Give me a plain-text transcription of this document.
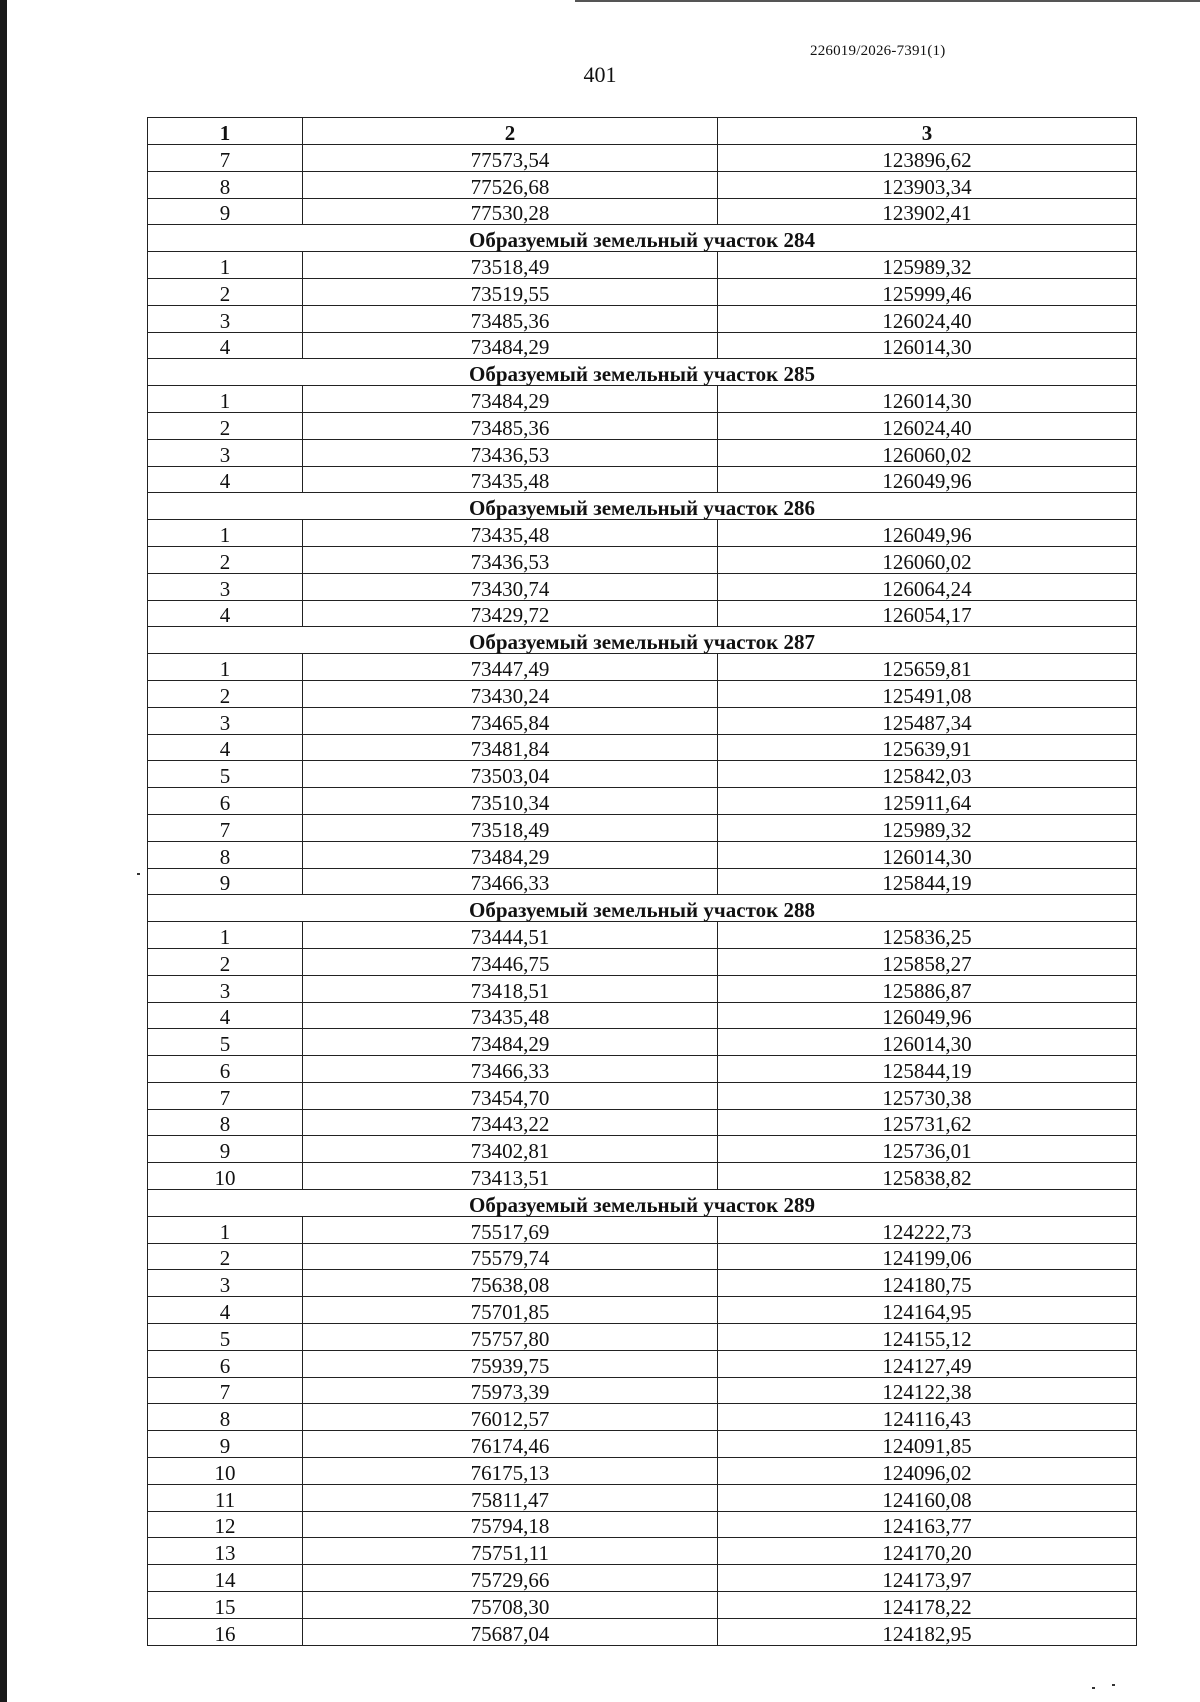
226019/2026-7391(1)
401
1	2	3
7	77573,54	123896,62
8	77526,68	123903,34
9	77530,28	123902,41
Образуемый земельный участок 284		
1	73518,49	125989,32
2	73519,55	125999,46
3	73485,36	126024,40
4	73484,29	126014,30
Образуемый земельный участок 285		
1	73484,29	126014,30
2	73485,36	126024,40
3	73436,53	126060,02
4	73435,48	126049,96
Образуемый земельный участок 286		
1	73435,48	126049,96
2	73436,53	126060,02
3	73430,74	126064,24
4	73429,72	126054,17
Образуемый земельный участок 287		
1	73447,49	125659,81
2	73430,24	125491,08
3	73465,84	125487,34
4	73481,84	125639,91
5	73503,04	125842,03
6	73510,34	125911,64
7	73518,49	125989,32
8	73484,29	126014,30
9	73466,33	125844,19
Образуемый земельный участок 288		
1	73444,51	125836,25
2	73446,75	125858,27
3	73418,51	125886,87
4	73435,48	126049,96
5	73484,29	126014,30
6	73466,33	125844,19
7	73454,70	125730,38
8	73443,22	125731,62
9	73402,81	125736,01
10	73413,51	125838,82
Образуемый земельный участок 289		
1	75517,69	124222,73
2	75579,74	124199,06
3	75638,08	124180,75
4	75701,85	124164,95
5	75757,80	124155,12
6	75939,75	124127,49
7	75973,39	124122,38
8	76012,57	124116,43
9	76174,46	124091,85
10	76175,13	124096,02
11	75811,47	124160,08
12	75794,18	124163,77
13	75751,11	124170,20
14	75729,66	124173,97
15	75708,30	124178,22
16	75687,04	124182,95
